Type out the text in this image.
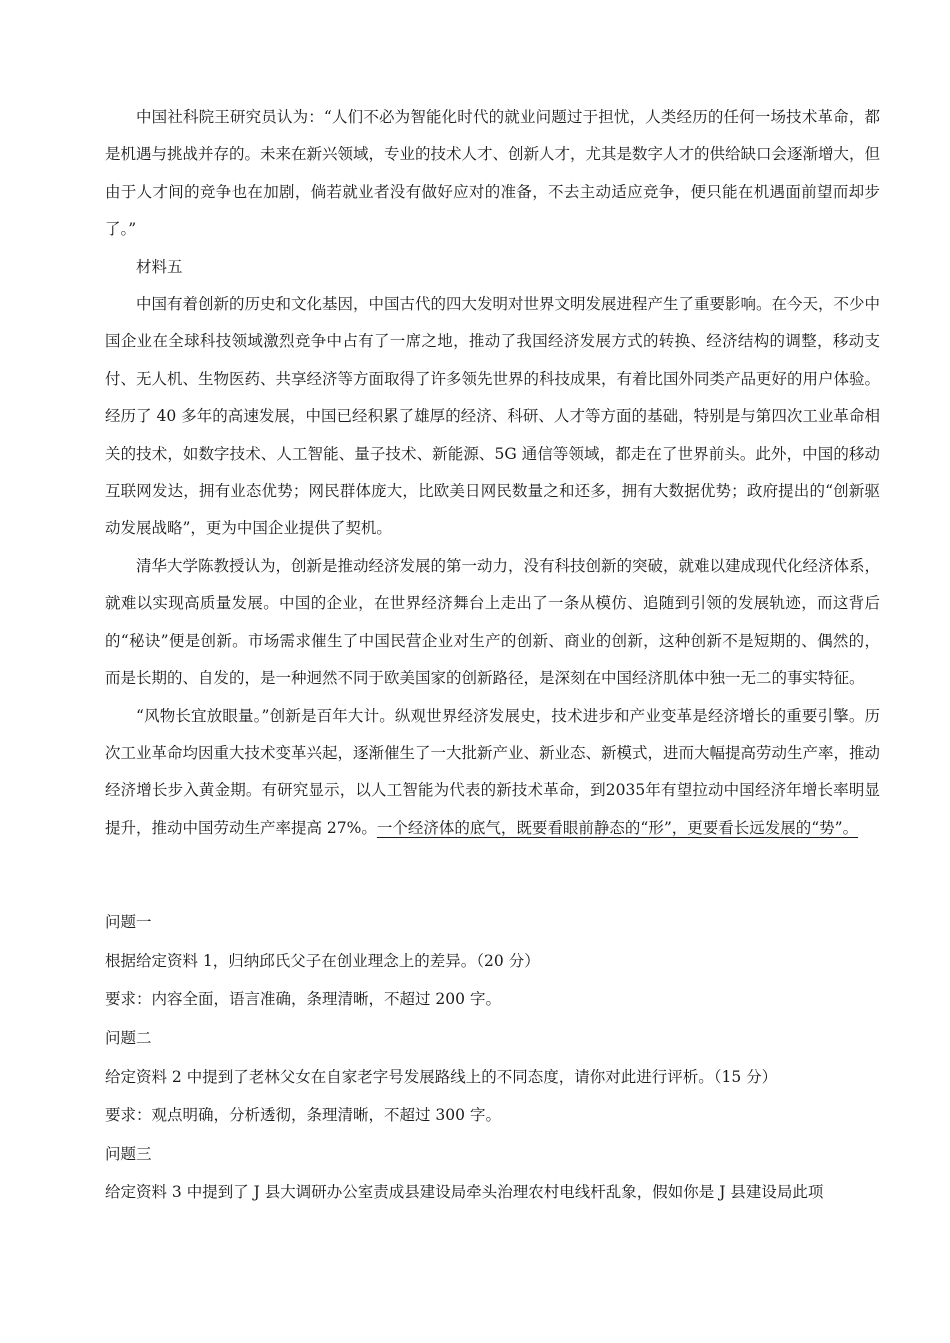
中国社科院王研究员认为：“人们不必为智能化时代的就业问题过于担忧，人类经历的任何一场技术革命，都是机遇与挑战并存的。未来在新兴领域，专业的技术人才、创新人才，尤其是数字人才的供给缺口会逐渐增大，但由于人才间的竞争也在加剧，倘若就业者没有做好应对的准备，不去主动适应竞争，便只能在机遇面前望而却步了。”

材料五

中国有着创新的历史和文化基因，中国古代的四大发明对世界文明发展进程产生了重要影响。在今天，不少中国企业在全球科技领域激烈竞争中占有了一席之地，推动了我国经济发展方式的转换、经济结构的调整，移动支付、无人机、生物医药、共享经济等方面取得了许多领先世界的科技成果，有着比国外同类产品更好的用户体验。经历了 40 多年的高速发展，中国已经积累了雄厚的经济、科研、人才等方面的基础，特别是与第四次工业革命相关的技术，如数字技术、人工智能、量子技术、新能源、5G 通信等领域，都走在了世界前头。此外，中国的移动互联网发达，拥有业态优势；网民群体庞大，比欧美日网民数量之和还多，拥有大数据优势；政府提出的“创新驱动发展战略”，更为中国企业提供了契机。

清华大学陈教授认为，创新是推动经济发展的第一动力，没有科技创新的突破，就难以建成现代化经济体系，就难以实现高质量发展。中国的企业，在世界经济舞台上走出了一条从模仿、追随到引领的发展轨迹，而这背后的“秘诀”便是创新。市场需求催生了中国民营企业对生产的创新、商业的创新，这种创新不是短期的、偶然的，而是长期的、自发的，是一种迥然不同于欧美国家的创新路径，是深刻在中国经济肌体中独一无二的事实特征。

“风物长宜放眼量。”创新是百年大计。纵观世界经济发展史，技术进步和产业变革是经济增长的重要引擎。历次工业革命均因重大技术变革兴起，逐渐催生了一大批新产业、新业态、新模式，进而大幅提高劳动生产率，推动经济增长步入黄金期。有研究显示，以人工智能为代表的新技术革命，到2035年有望拉动中国经济年增长率明显提升，推动中国劳动生产率提高 27%。一个经济体的底气，既要看眼前静态的“形”，更要看长远发展的“势”。

问题一

根据给定资料 1，归纳邱氏父子在创业理念上的差异。（20 分）

要求：内容全面，语言准确，条理清晰，不超过 200 字。

问题二

给定资料 2 中提到了老林父女在自家老字号发展路线上的不同态度，请你对此进行评析。（15 分）

要求：观点明确，分析透彻，条理清晰，不超过 300 字。

问题三

给定资料 3 中提到了 J 县大调研办公室责成县建设局牵头治理农村电线杆乱象，假如你是 J 县建设局此项
